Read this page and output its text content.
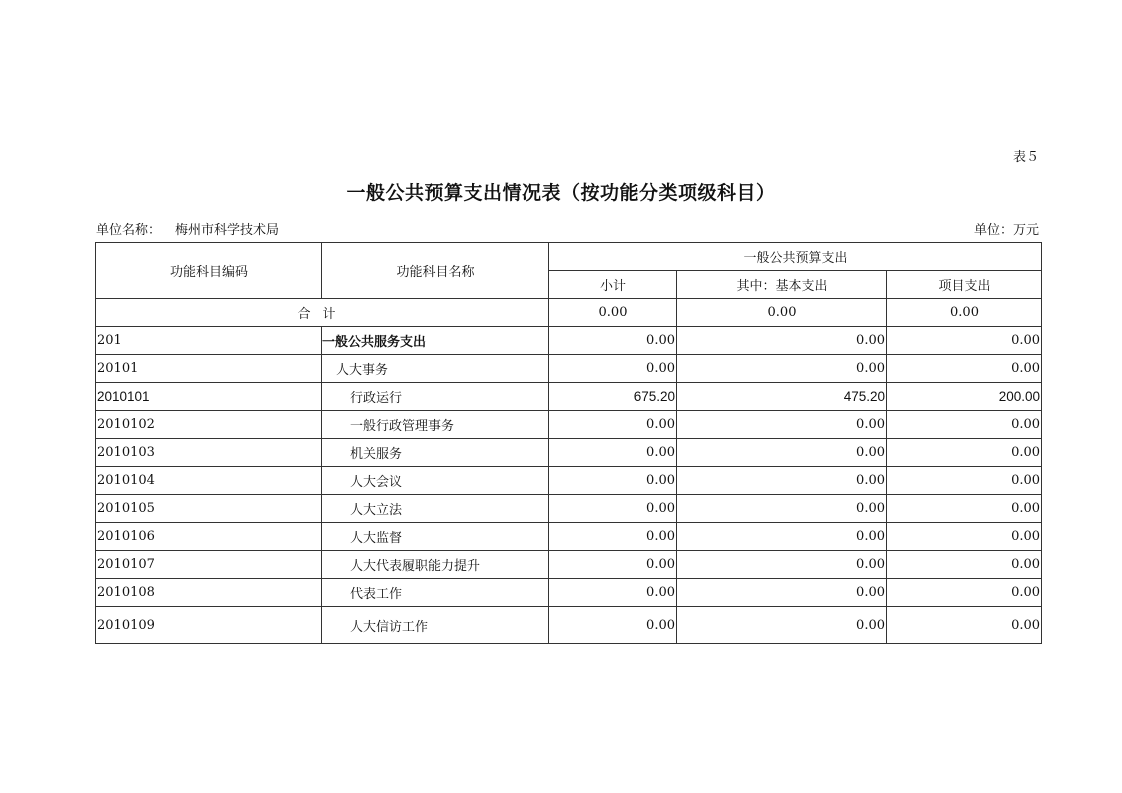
表５
一般公共预算支出情况表（按功能分类项级科目）
单位名称： 梅州市科学技术局	单位：万元
功能科目编码	功能科目名称	一般公共预算支出		
		小计	其中：基本支出	项目支出
合计		0.00	0.00	0.00
201	一般公共服务支出	0.00	0.00	0.00
20101	人大事务	0.00	0.00	0.00
2010101	行政运行	675.20	475.20	200.00
2010102	一般行政管理事务	0.00	0.00	0.00
2010103	机关服务	0.00	0.00	0.00
2010104	人大会议	0.00	0.00	0.00
2010105	人大立法	0.00	0.00	0.00
2010106	人大监督	0.00	0.00	0.00
2010107	人大代表履职能力提升	0.00	0.00	0.00
2010108	代表工作	0.00	0.00	0.00
2010109	人大信访工作	0.00	0.00	0.00
